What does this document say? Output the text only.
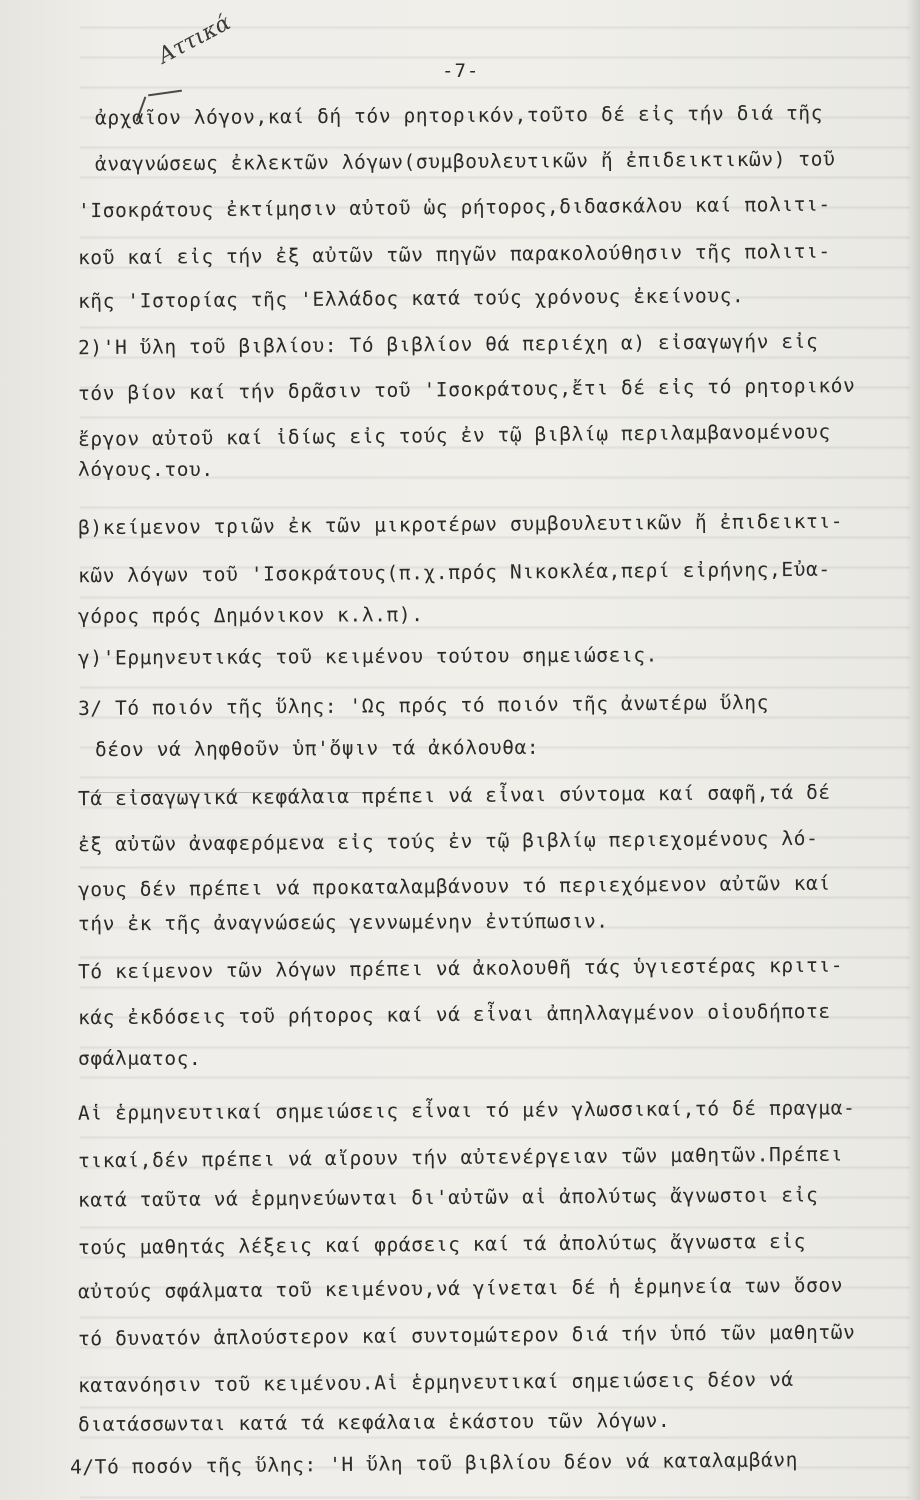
Αττικά
-7-
ἀρχαῖον λόγον,καί δή τόν ρητορικόν,τοῦτο δέ εἰς τήν διά τῆς
ἀναγνώσεως ἐκλεκτῶν λόγων(συμβουλευτικῶν ἤ ἐπιδεικτικῶν) τοῦ
'Ισοκράτους ἐκτίμησιν αὐτοῦ ὡς ρήτορος,διδασκάλου καί πολιτι-
κοῦ καί εἰς τήν ἐξ αὐτῶν τῶν πηγῶν παρακολούθησιν τῆς πολιτι-
κῆς 'Ιστορίας τῆς 'Ελλάδος κατά τούς χρόνους ἐκείνους.
2)'Η ὕλη τοῦ βιβλίου: Τό βιβλίον θά περιέχη α) εἰσαγωγήν εἰς
τόν βίον καί τήν δρᾶσιν τοῦ 'Ισοκράτους,ἔτι δέ εἰς τό ρητορικόν
ἔργον αὐτοῦ καί ἰδίως εἰς τούς ἐν τῷ βιβλίῳ περιλαμβανομένους
λόγους.του.
β)κείμενον τριῶν ἐκ τῶν μικροτέρων συμβουλευτικῶν ἤ ἐπιδεικτι-
κῶν λόγων τοῦ 'Ισοκράτους(π.χ.πρός Νικοκλέα,περί εἰρήνης,Εὐα-
γόρος πρός Δημόνικον κ.λ.π).
γ)'Ερμηνευτικάς τοῦ κειμένου τούτου σημειώσεις.
3/ Τό ποιόν τῆς ὕλης: 'Ως πρός τό ποιόν τῆς ἀνωτέρω ὕλης
δέον νά ληφθοῦν ὑπ'ὄψιν τά ἀκόλουθα:
Τά εἰσαγωγικά κεφάλαια πρέπει νά εἶναι σύντομα καί σαφῆ,τά δέ
ἐξ αὐτῶν ἀναφερόμενα εἰς τούς ἐν τῷ βιβλίῳ περιεχομένους λό-
γους δέν πρέπει νά προκαταλαμβάνουν τό περιεχόμενον αὐτῶν καί
τήν ἐκ τῆς ἀναγνώσεώς γεννωμένην ἐντύπωσιν.
Τό κείμενον τῶν λόγων πρέπει νά ἀκολουθῆ τάς ὑγιεστέρας κριτι-
κάς ἐκδόσεις τοῦ ρήτορος καί νά εἶναι ἀπηλλαγμένον οἱουδήποτε
σφάλματος.
Αἱ ἑρμηνευτικαί σημειώσεις εἶναι τό μέν γλωσσικαί,τό δέ πραγμα-
τικαί,δέν πρέπει νά αἴρουν τήν αὐτενέργειαν τῶν μαθητῶν.Πρέπει
κατά ταῦτα νά ἑρμηνεύωνται δι'αὐτῶν αἱ ἀπολύτως ἄγνωστοι εἰς
τούς μαθητάς λέξεις καί φράσεις καί τά ἀπολύτως ἄγνωστα εἰς
αὐτούς σφάλματα τοῦ κειμένου,νά γίνεται δέ ἡ ἑρμηνεία των ὅσον
τό δυνατόν ἁπλούστερον καί συντομώτερον διά τήν ὑπό τῶν μαθητῶν
κατανόησιν τοῦ κειμένου.Αἱ ἑρμηνευτικαί σημειώσεις δέον νά
διατάσσωνται κατά τά κεφάλαια ἑκάστου τῶν λόγων.
4/Τό ποσόν τῆς ὕλης: 'Η ὕλη τοῦ βιβλίου δέον νά καταλαμβάνη
